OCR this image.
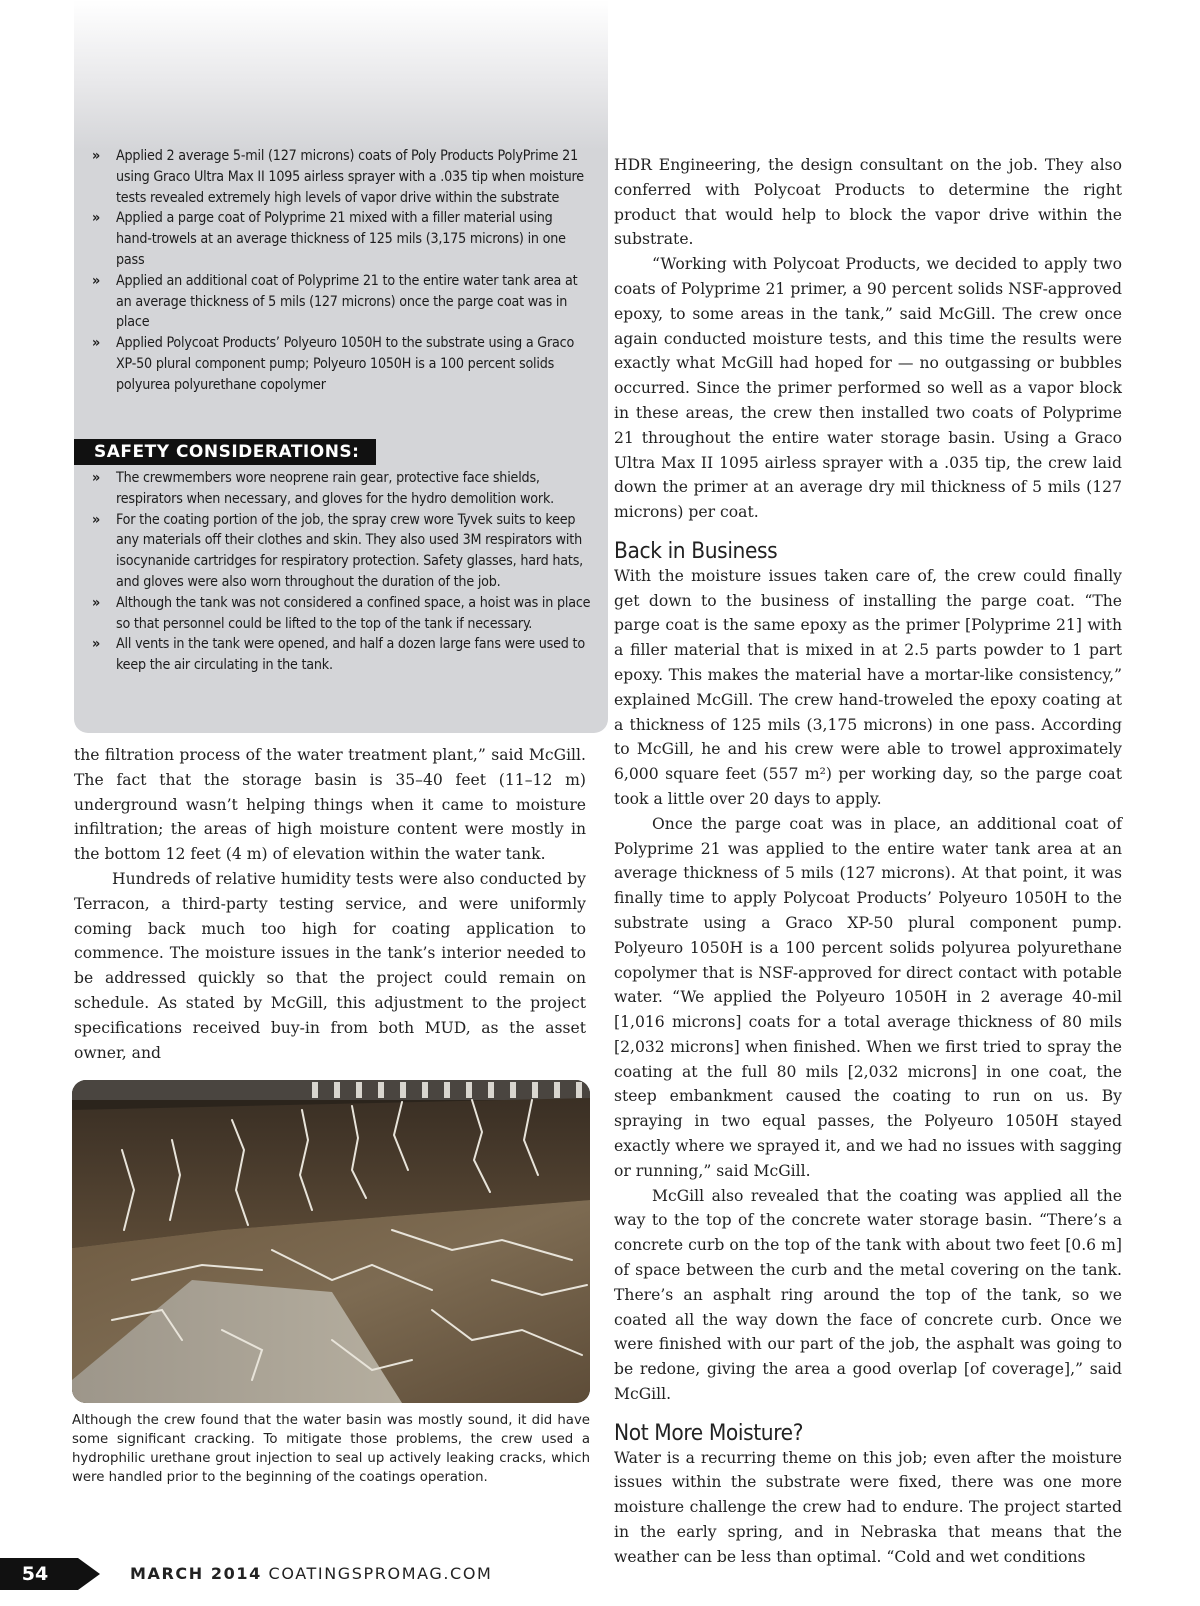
» Applied 2 average 5-mil (127 microns) coats of Poly Products PolyPrime 21 using Graco Ultra Max II 1095 airless sprayer with a .035 tip when moisture tests revealed extremely high levels of vapor drive within the substrate
» Applied a parge coat of Polyprime 21 mixed with a filler material using hand-trowels at an average thickness of 125 mils (3,175 microns) in one pass
» Applied an additional coat of Polyprime 21 to the entire water tank area at an average thickness of 5 mils (127 microns) once the parge coat was in place
» Applied Polycoat Products’ Polyeuro 1050H to the substrate using a Graco XP-50 plural component pump; Polyeuro 1050H is a 100 percent solids polyurea polyurethane copolymer
SAFETY CONSIDERATIONS:
» The crewmembers wore neoprene rain gear, protective face shields, respirators when necessary, and gloves for the hydro demolition work.
» For the coating portion of the job, the spray crew wore Tyvek suits to keep any materials off their clothes and skin. They also used 3M respirators with isocynanide cartridges for respiratory protection. Safety glasses, hard hats, and gloves were also worn throughout the duration of the job.
» Although the tank was not considered a confined space, a hoist was in place so that personnel could be lifted to the top of the tank if necessary.
» All vents in the tank were opened, and half a dozen large fans were used to keep the air circulating in the tank.

the filtration process of the water treatment plant,” said McGill. The fact that the storage basin is 35–40 feet (11–12 m) underground wasn’t helping things when it came to moisture infiltration; the areas of high moisture content were mostly in the bottom 12 feet (4 m) of elevation within the water tank.

Hundreds of relative humidity tests were also conducted by Terracon, a third-party testing service, and were uniformly coming back much too high for coating application to commence. The moisture issues in the tank’s interior needed to be addressed quickly so that the project could remain on schedule. As stated by McGill, this adjustment to the project specifications received buy-in from both MUD, as the asset owner, and

Although the crew found that the water basin was mostly sound, it did have some significant cracking. To mitigate those problems, the crew used a hydrophilic urethane grout injection to seal up actively leaking cracks, which were handled prior to the beginning of the coatings operation.

HDR Engineering, the design consultant on the job. They also conferred with Polycoat Products to determine the right product that would help to block the vapor drive within the substrate.

“Working with Polycoat Products, we decided to apply two coats of Polyprime 21 primer, a 90 percent solids NSF-approved epoxy, to some areas in the tank,” said McGill. The crew once again conducted moisture tests, and this time the results were exactly what McGill had hoped for — no outgassing or bubbles occurred. Since the primer performed so well as a vapor block in these areas, the crew then installed two coats of Polyprime 21 throughout the entire water storage basin. Using a Graco Ultra Max II 1095 airless sprayer with a .035 tip, the crew laid down the primer at an average dry mil thickness of 5 mils (127 microns) per coat.

Back in Business

With the moisture issues taken care of, the crew could finally get down to the business of installing the parge coat. “The parge coat is the same epoxy as the primer [Polyprime 21] with a filler material that is mixed in at 2.5 parts powder to 1 part epoxy. This makes the material have a mortar-like consistency,” explained McGill. The crew hand-troweled the epoxy coating at a thickness of 125 mils (3,175 microns) in one pass. According to McGill, he and his crew were able to trowel approximately 6,000 square feet (557 m²) per working day, so the parge coat took a little over 20 days to apply.

Once the parge coat was in place, an additional coat of Polyprime 21 was applied to the entire water tank area at an average thickness of 5 mils (127 microns). At that point, it was finally time to apply Polycoat Products’ Polyeuro 1050H to the substrate using a Graco XP-50 plural component pump. Polyeuro 1050H is a 100 percent solids polyurea polyurethane copolymer that is NSF-approved for direct contact with potable water. “We applied the Polyeuro 1050H in 2 average 40-mil [1,016 microns] coats for a total average thickness of 80 mils [2,032 microns] when finished. When we first tried to spray the coating at the full 80 mils [2,032 microns] in one coat, the steep embankment caused the coating to run on us. By spraying in two equal passes, the Polyeuro 1050H stayed exactly where we sprayed it, and we had no issues with sagging or running,” said McGill.

McGill also revealed that the coating was applied all the way to the top of the concrete water storage basin. “There’s a concrete curb on the top of the tank with about two feet [0.6 m] of space between the curb and the metal covering on the tank. There’s an asphalt ring around the top of the tank, so we coated all the way down the face of concrete curb. Once we were finished with our part of the job, the asphalt was going to be redone, giving the area a good overlap [of coverage],” said McGill.

Not More Moisture?

Water is a recurring theme on this job; even after the moisture issues within the substrate were fixed, there was one more moisture challenge the crew had to endure. The project started in the early spring, and in Nebraska that means that the weather can be less than optimal. “Cold and wet conditions

54	MARCH 2014 COATINGSPROMAG.COM
